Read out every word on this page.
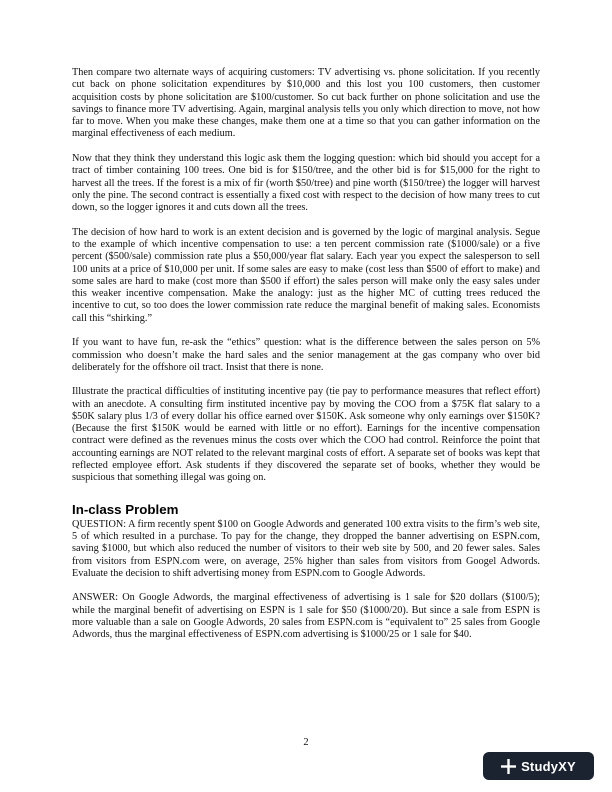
Then compare two alternate ways of acquiring customers: TV advertising vs. phone solicitation. If you recently cut back on phone solicitation expenditures by $10,000 and this lost you 100 customers, then customer acquisition costs by phone solicitation are $100/customer. So cut back further on phone solicitation and use the savings to finance more TV advertising. Again, marginal analysis tells you only which direction to move, not how far to move. When you make these changes, make them one at a time so that you can gather information on the marginal effectiveness of each medium.

Now that they think they understand this logic ask them the logging question: which bid should you accept for a tract of timber containing 100 trees. One bid is for $150/tree, and the other bid is for $15,000 for the right to harvest all the trees. If the forest is a mix of fir (worth $50/tree) and pine worth ($150/tree) the logger will harvest only the pine. The second contract is essentially a fixed cost with respect to the decision of how many trees to cut down, so the logger ignores it and cuts down all the trees.

The decision of how hard to work is an extent decision and is governed by the logic of marginal analysis. Segue to the example of which incentive compensation to use: a ten percent commission rate ($1000/sale) or a five percent ($500/sale) commission rate plus a $50,000/year flat salary. Each year you expect the salesperson to sell 100 units at a price of $10,000 per unit. If some sales are easy to make (cost less than $500 of effort to make) and some sales are hard to make (cost more than $500 if effort) the sales person will make only the easy sales under this weaker incentive compensation. Make the analogy: just as the higher MC of cutting trees reduced the incentive to cut, so too does the lower commission rate reduce the marginal benefit of making sales. Economists call this “shirking.”

If you want to have fun, re-ask the “ethics” question: what is the difference between the sales person on 5% commission who doesn’t make the hard sales and the senior management at the gas company who over bid deliberately for the offshore oil tract. Insist that there is none.

Illustrate the practical difficulties of instituting incentive pay (tie pay to performance measures that reflect effort) with an anecdote. A consulting firm instituted incentive pay by moving the COO from a $75K flat salary to a $50K salary plus 1/3 of every dollar his office earned over $150K. Ask someone why only earnings over $150K? (Because the first $150K would be earned with little or no effort). Earnings for the incentive compensation contract were defined as the revenues minus the costs over which the COO had control. Reinforce the point that accounting earnings are NOT related to the relevant marginal costs of effort. A separate set of books was kept that reflected employee effort. Ask students if they discovered the separate set of books, whether they would be suspicious that something illegal was going on.

In-class Problem

QUESTION: A firm recently spent $100 on Google Adwords and generated 100 extra visits to the firm’s web site, 5 of which resulted in a purchase. To pay for the change, they dropped the banner advertising on ESPN.com, saving $1000, but which also reduced the number of visitors to their web site by 500, and 20 fewer sales. Sales from visitors from ESPN.com were, on average, 25% higher than sales from visitors from Googel Adwords. Evaluate the decision to shift advertising money from ESPN.com to Google Adwords.

ANSWER: On Google Adwords, the marginal effectiveness of advertising is 1 sale for $20 dollars ($100/5); while the marginal benefit of advertising on ESPN is 1 sale for $50 ($1000/20). But since a sale from ESPN is more valuable than a sale on Google Adwords, 20 sales from ESPN.com is “equivalent to” 25 sales from Google Adwords, thus the marginal effectiveness of ESPN.com advertising is $1000/25 or 1 sale for $40.

2
StudyXY
